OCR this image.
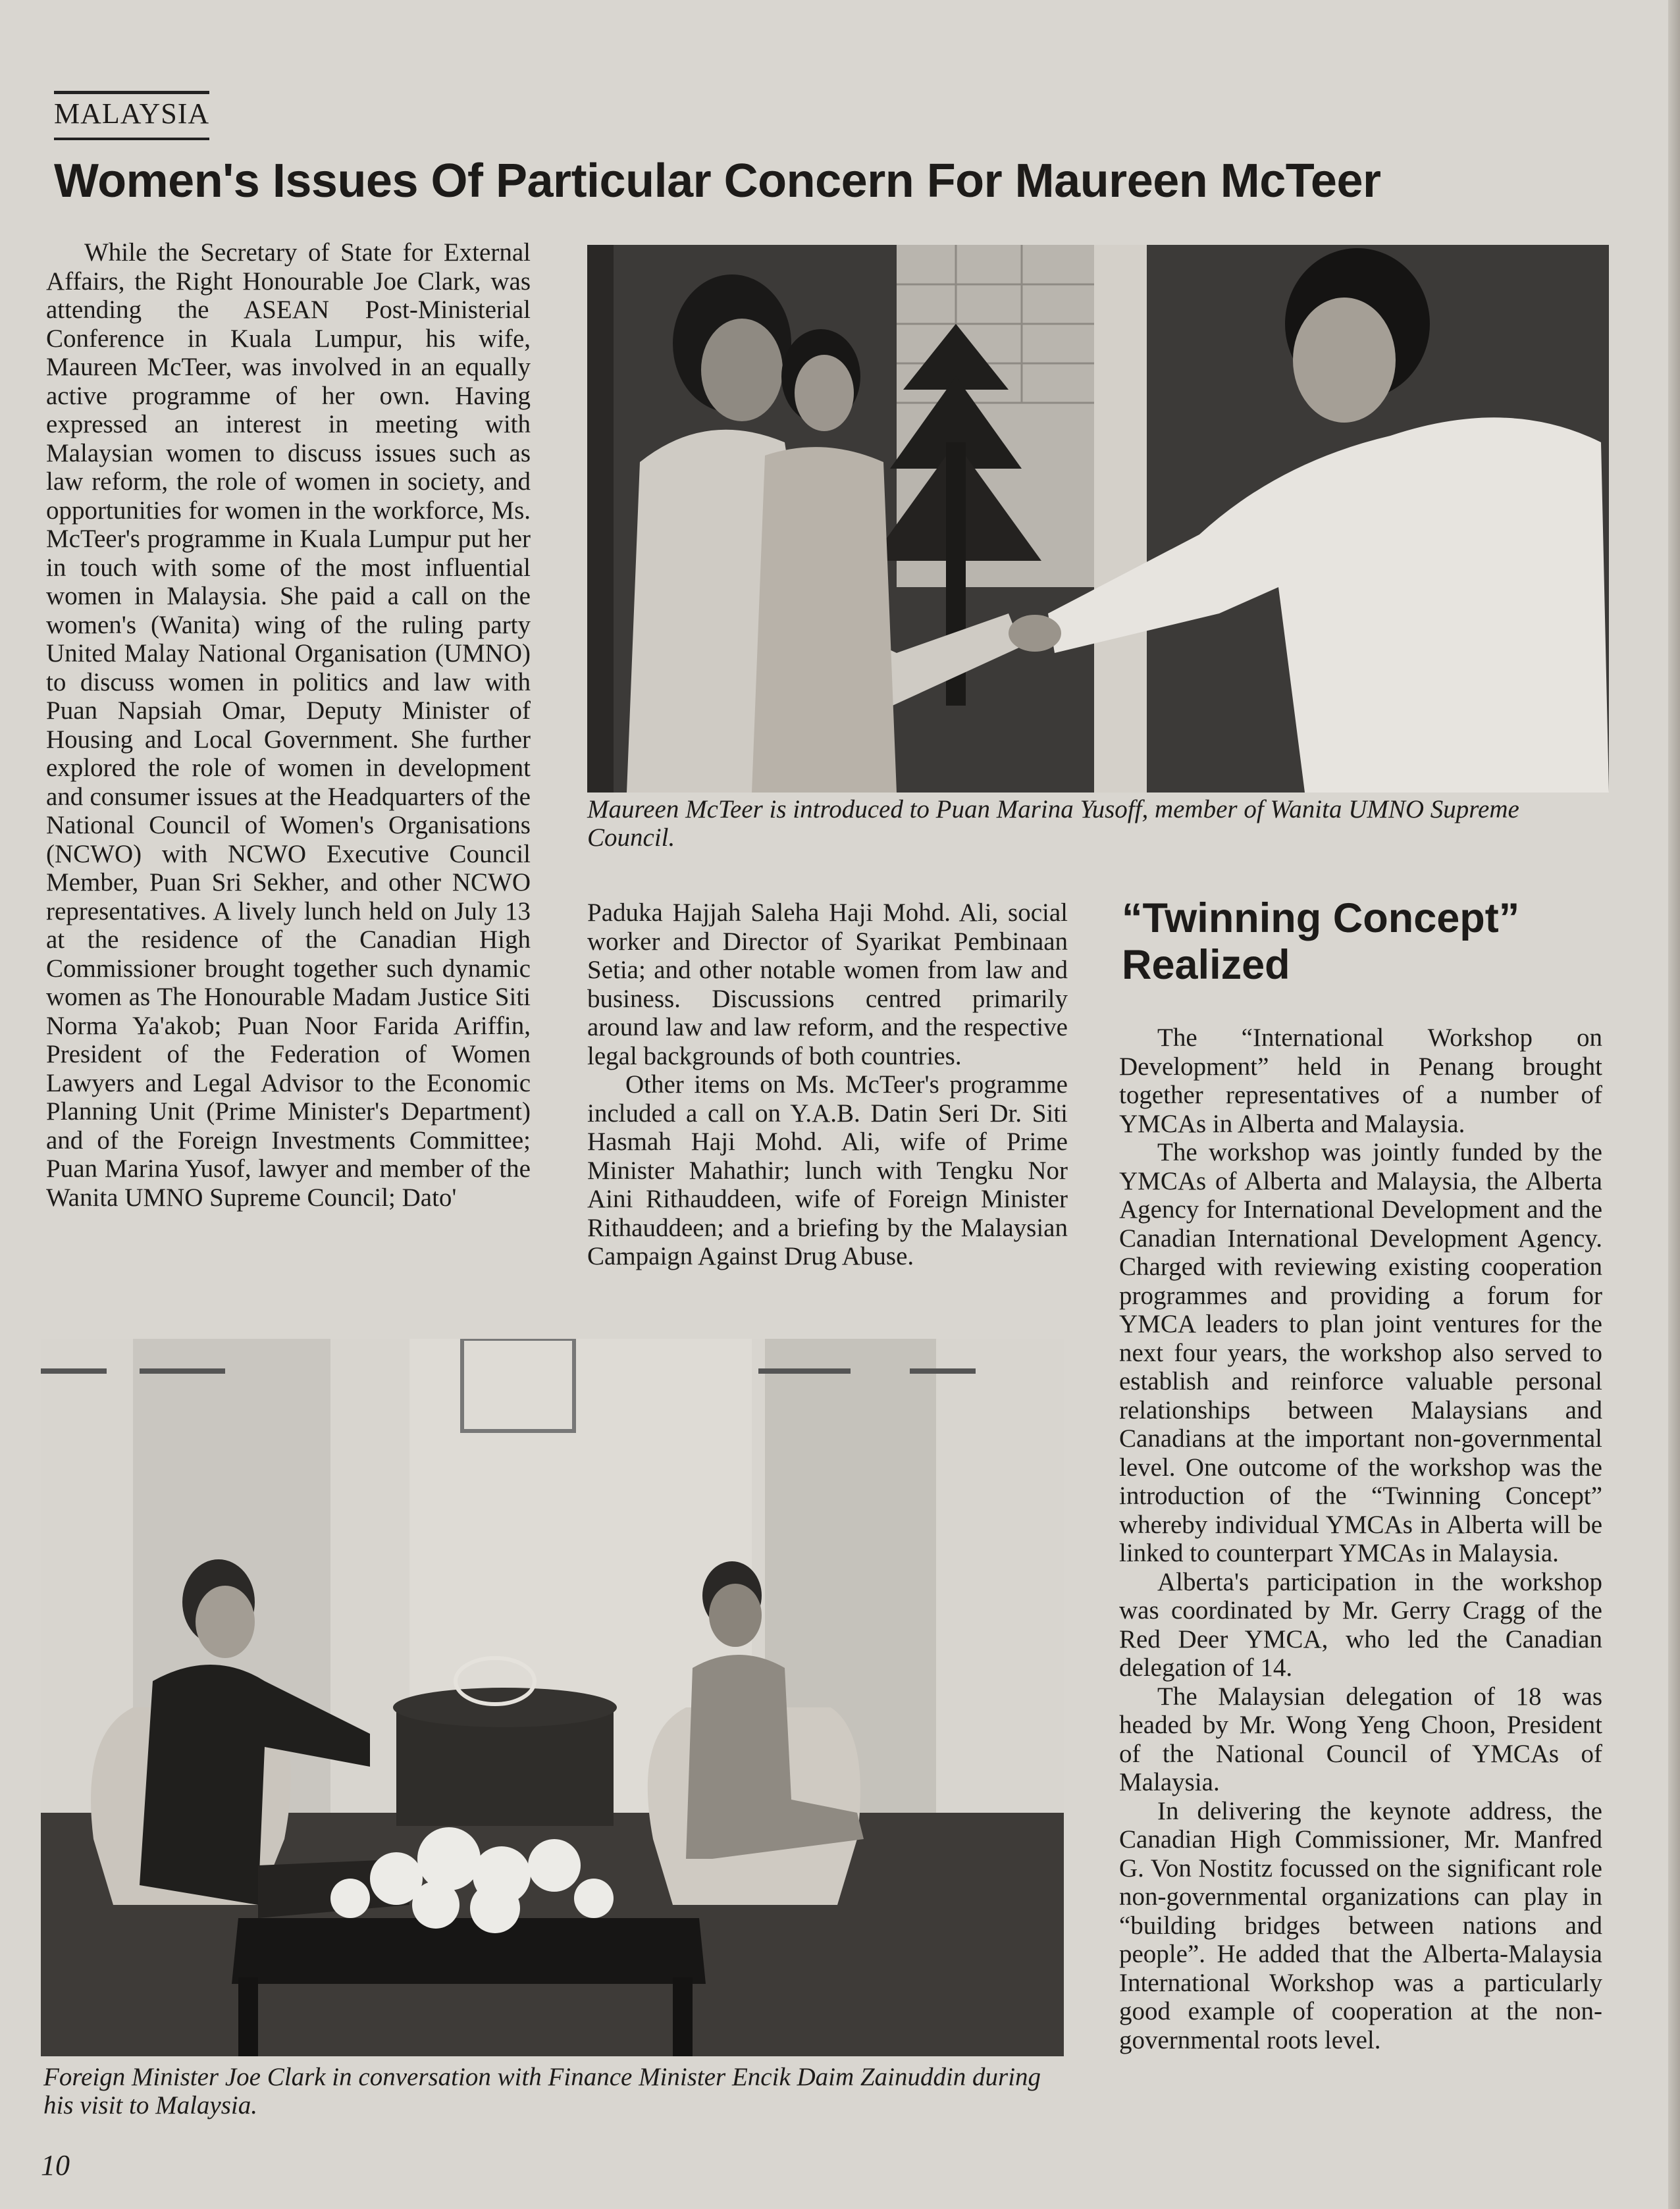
MALAYSIA
Women's Issues Of Particular Concern For Maureen McTeer

While the Secretary of State for External Affairs, the Right Honourable Joe Clark, was attending the ASEAN Post-Ministerial Conference in Kuala Lumpur, his wife, Maureen McTeer, was involved in an equally active programme of her own. Having expressed an interest in meeting with Malaysian women to discuss issues such as law reform, the role of women in society, and opportunities for women in the workforce, Ms. McTeer's programme in Kuala Lumpur put her in touch with some of the most influential women in Malaysia. She paid a call on the women's (Wanita) wing of the ruling party United Malay National Organisation (UMNO) to discuss women in politics and law with Puan Napsiah Omar, Deputy Minister of Housing and Local Government. She further explored the role of women in development and consumer issues at the Headquarters of the National Council of Women's Organisations (NCWO) with NCWO Executive Council Member, Puan Sri Sekher, and other NCWO representatives. A lively lunch held on July 13 at the residence of the Canadian High Commissioner brought together such dynamic women as The Honourable Madam Justice Siti Norma Ya'akob; Puan Noor Farida Ariffin, President of the Federation of Women Lawyers and Legal Advisor to the Economic Planning Unit (Prime Minister's Department) and of the Foreign Investments Committee; Puan Marina Yusof, lawyer and member of the Wanita UMNO Supreme Council; Dato'

Maureen McTeer is introduced to Puan Marina Yusoff, member of Wanita UMNO Supreme Council.

Paduka Hajjah Saleha Haji Mohd. Ali, social worker and Director of Syarikat Pembinaan Setia; and other notable women from law and business. Discussions centred primarily around law and law reform, and the respective legal backgrounds of both countries.

Other items on Ms. McTeer's programme included a call on Y.A.B. Datin Seri Dr. Siti Hasmah Haji Mohd. Ali, wife of Prime Minister Mahathir; lunch with Tengku Nor Aini Rithauddeen, wife of Foreign Minister Rithauddeen; and a briefing by the Malaysian Campaign Against Drug Abuse.

“Twinning Concept” Realized

The “International Workshop on Development” held in Penang brought together representatives of a number of YMCAs in Alberta and Malaysia.

The workshop was jointly funded by the YMCAs of Alberta and Malaysia, the Alberta Agency for International Development and the Canadian International Development Agency. Charged with reviewing existing cooperation programmes and providing a forum for YMCA leaders to plan joint ventures for the next four years, the workshop also served to establish and reinforce valuable personal relationships between Malaysians and Canadians at the important non-governmental level. One outcome of the workshop was the introduction of the “Twinning Concept” whereby individual YMCAs in Alberta will be linked to counterpart YMCAs in Malaysia.

Alberta's participation in the workshop was coordinated by Mr. Gerry Cragg of the Red Deer YMCA, who led the Canadian delegation of 14.

The Malaysian delegation of 18 was headed by Mr. Wong Yeng Choon, President of the National Council of YMCAs of Malaysia.

In delivering the keynote address, the Canadian High Commissioner, Mr. Manfred G. Von Nostitz focussed on the significant role non-governmental organizations can play in “building bridges between nations and people”. He added that the Alberta-Malaysia International Workshop was a particularly good example of cooperation at the non-governmental roots level.

Foreign Minister Joe Clark in conversation with Finance Minister Encik Daim Zainuddin during his visit to Malaysia.
10
